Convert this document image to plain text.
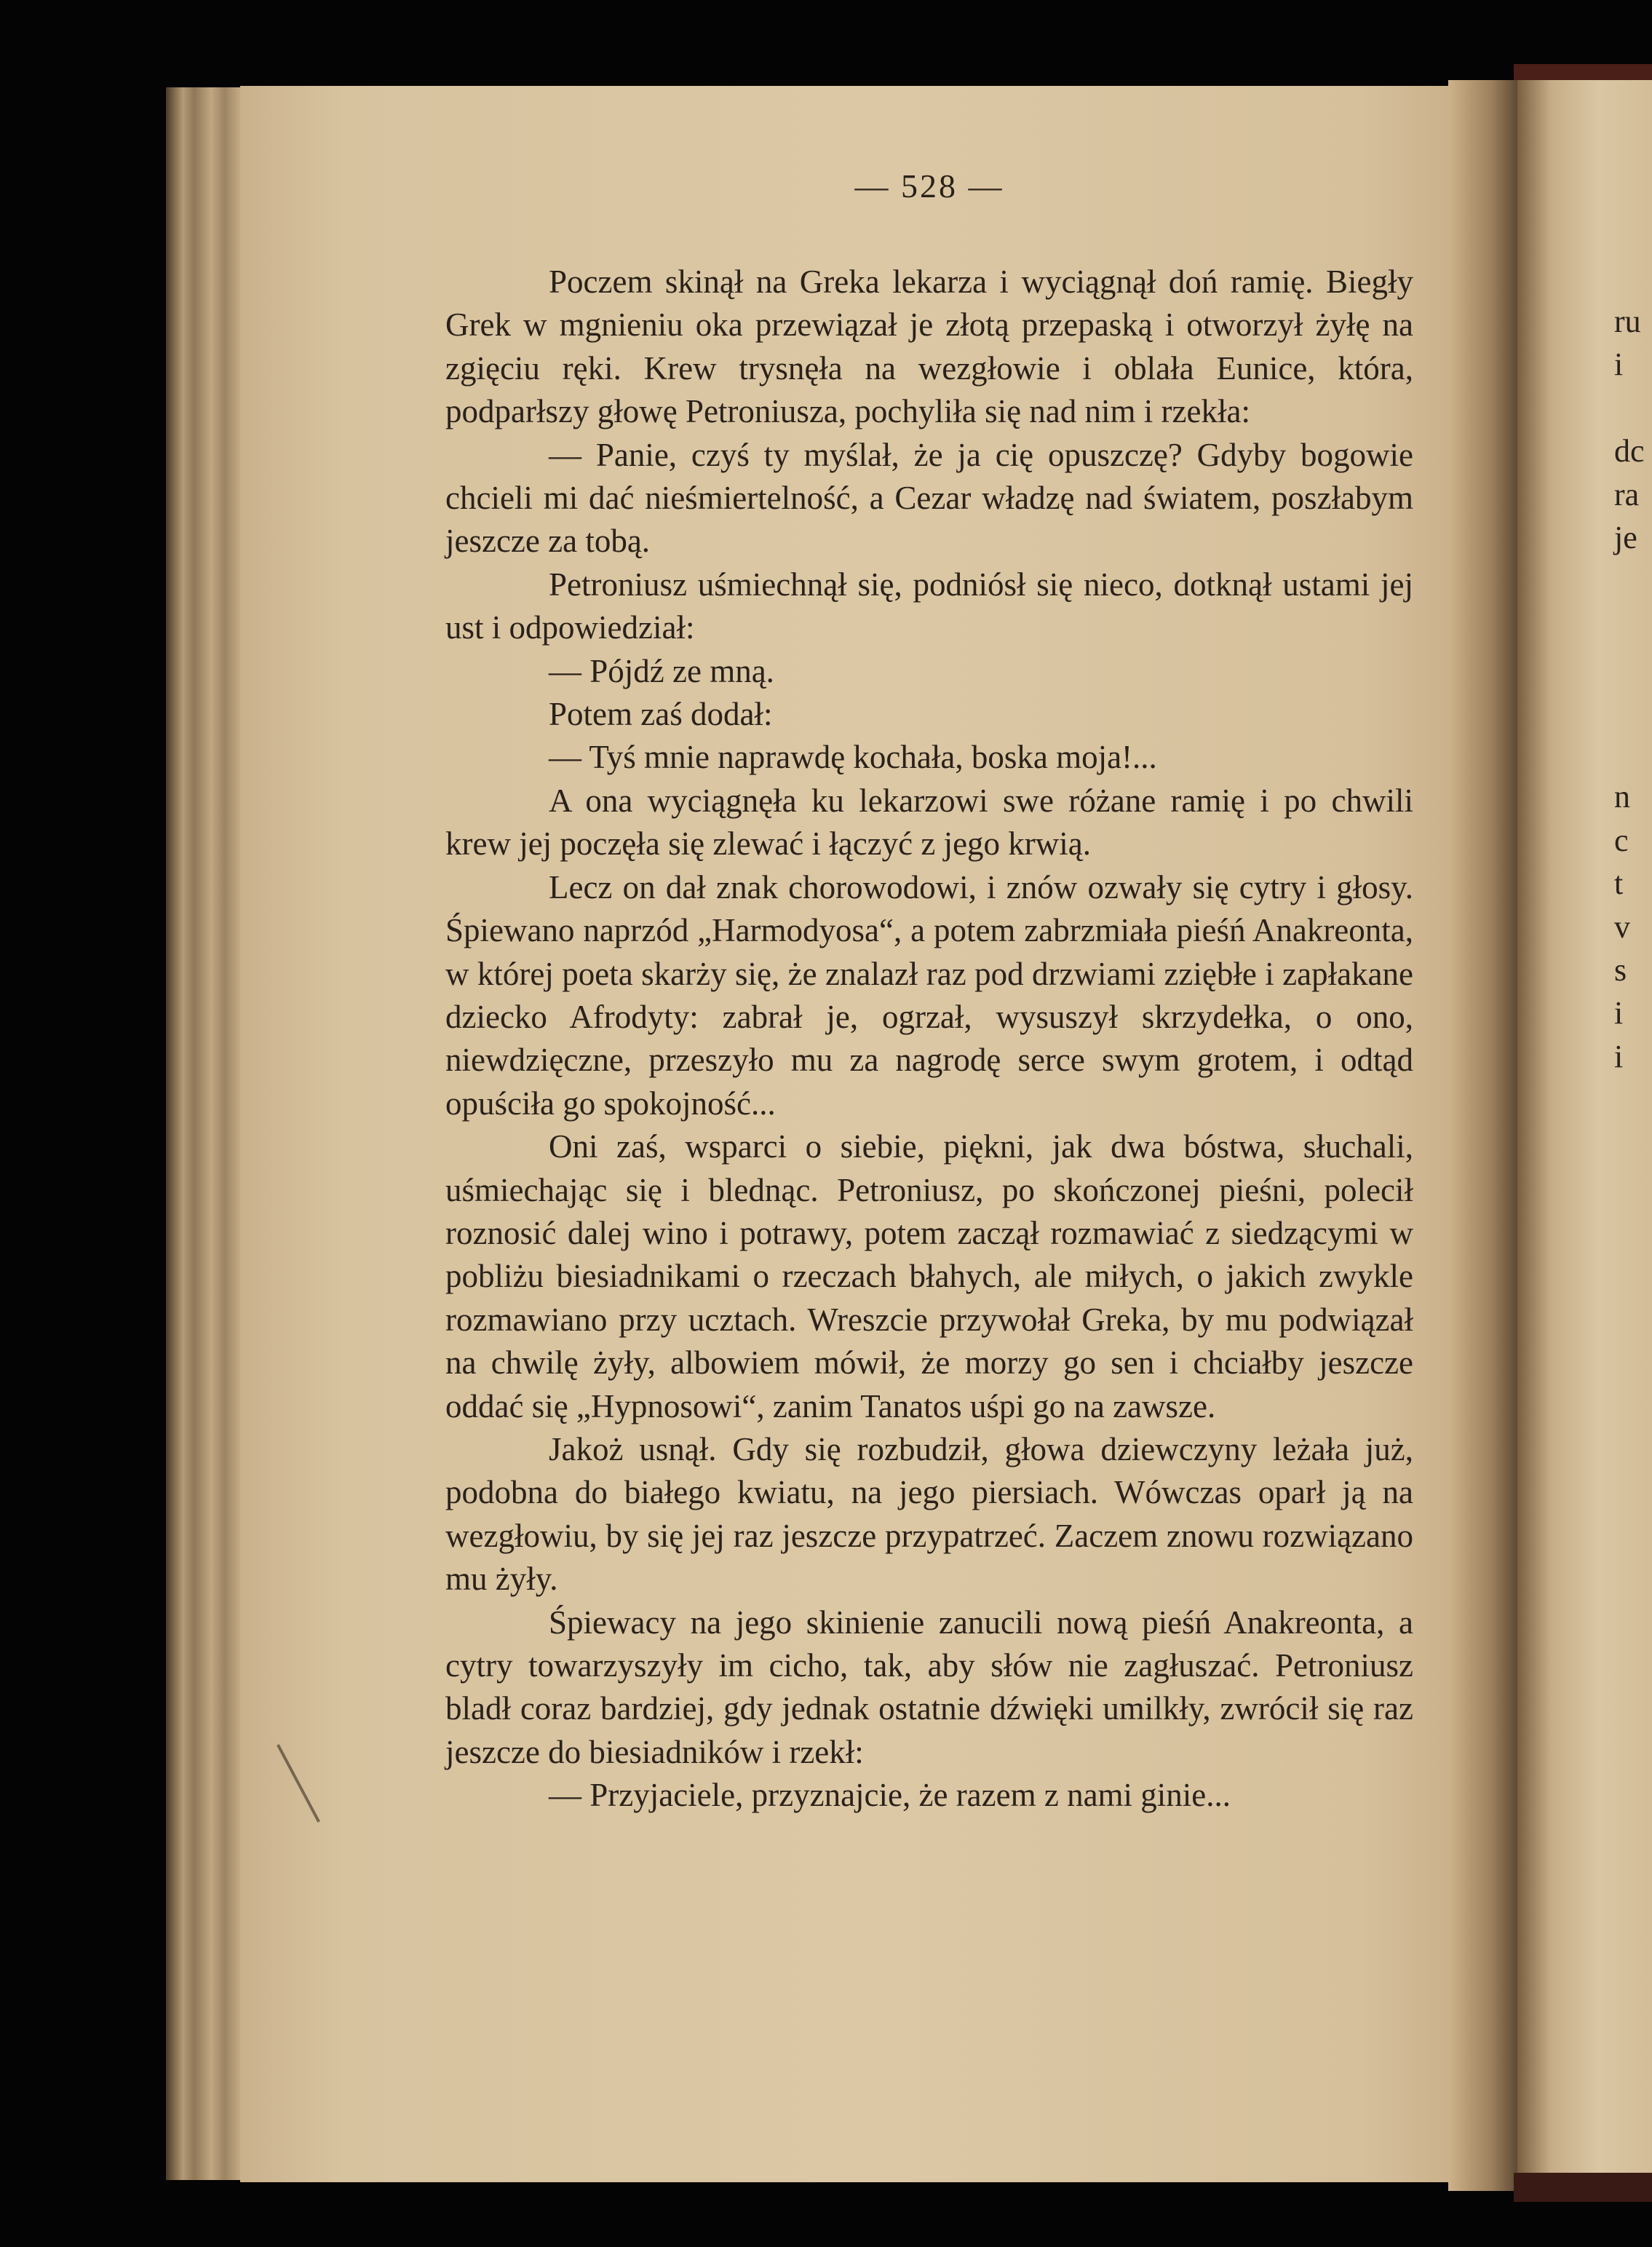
— 528 —

Poczem skinął na Greka lekarza i wyciągnął doń ramię. Biegły Grek w mgnieniu oka przewiązał je złotą przepaską i otworzył żyłę na zgięciu ręki. Krew trysnęła na wezgłowie i oblała Eunice, która, podparłszy głowę Petroniusza, pochyliła się nad nim i rzekła:

— Panie, czyś ty myślał, że ja cię opuszczę? Gdyby bogowie chcieli mi dać nieśmiertelność, a Cezar władzę nad światem, poszłabym jeszcze za tobą.

Petroniusz uśmiechnął się, podniósł się nieco, dotknął ustami jej ust i odpowiedział:

— Pójdź ze mną.

Potem zaś dodał:

— Tyś mnie naprawdę kochała, boska moja!...

A ona wyciągnęła ku lekarzowi swe różane ramię i po chwili krew jej poczęła się zlewać i łączyć z jego krwią.

Lecz on dał znak chorowodowi, i znów ozwały się cytry i głosy. Śpiewano naprzód „Harmodyosa“, a potem zabrzmiała pieśń Anakreonta, w której poeta skarży się, że znalazł raz pod drzwiami zziębłe i zapłakane dziecko Afrodyty: zabrał je, ogrzał, wysuszył skrzydełka, o ono, niewdzięczne, przeszyło mu za nagrodę serce swym grotem, i odtąd opuściła go spokojność...

Oni zaś, wsparci o siebie, piękni, jak dwa bóstwa, słuchali, uśmiechając się i blednąc. Petroniusz, po skończonej pieśni, polecił roznosić dalej wino i potrawy, potem zaczął rozmawiać z siedzącymi w pobliżu biesiadnikami o rzeczach błahych, ale miłych, o jakich zwykle rozmawiano przy ucztach. Wreszcie przywołał Greka, by mu podwiązał na chwilę żyły, albowiem mówił, że morzy go sen i chciałby jeszcze oddać się „Hypnosowi“, zanim Tanatos uśpi go na zawsze.

Jakoż usnął. Gdy się rozbudził, głowa dziewczyny leżała już, podobna do białego kwiatu, na jego piersiach. Wówczas oparł ją na wezgłowiu, by się jej raz jeszcze przypatrzeć. Zaczem znowu rozwiązano mu żyły.

Śpiewacy na jego skinienie zanucili nową pieśń Anakreonta, a cytry towarzyszyły im cicho, tak, aby słów nie zagłuszać. Petroniusz bladł coraz bardziej, gdy jednak ostatnie dźwięki umilkły, zwrócił się raz jeszcze do biesiadników i rzekł:

— Przyjaciele, przyznajcie, że razem z nami ginie...

ru
i
dc
ra
je
n
c
t
v
s
i
i
